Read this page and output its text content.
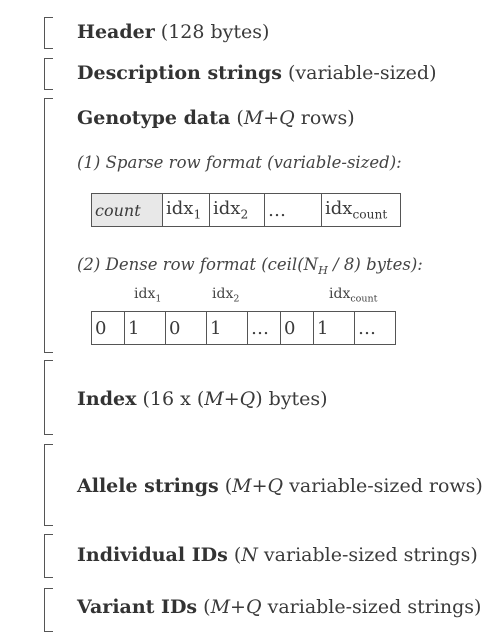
Header (128 bytes)
Description strings (variable-sized)
Genotype data (M+Q rows)
(1) Sparse row format (variable-sized):
count	idx$_1$	idx$_2$	…	idx$_{count}$
(2) Dense row format ($ceil(N_H / 8)$ bytes):
idx$_1$	idx$_2$	idx$_{count}$
0	1	0	1	…	0	1	…
Index (16 x (M+Q) bytes)
Allele strings (M+Q variable-sized rows)
Individual IDs (N variable-sized strings)
Variant IDs (M+Q variable-sized strings)
